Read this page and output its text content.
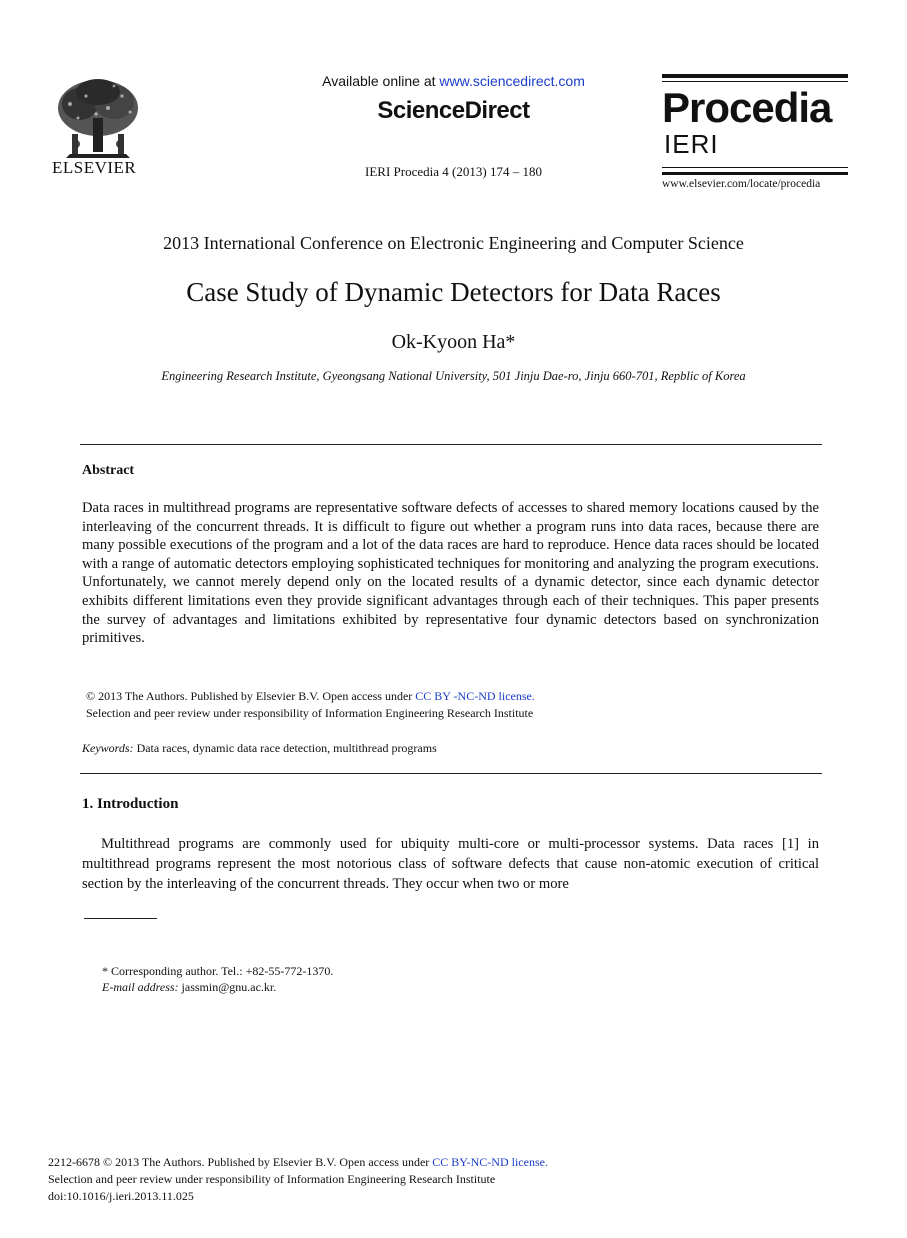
ELSEVIER
Available online at www.sciencedirect.com
ScienceDirect
IERI Procedia 4 (2013) 174 – 180
Procedia
IERI
www.elsevier.com/locate/procedia
2013 International Conference on Electronic Engineering and Computer Science
Case Study of Dynamic Detectors for Data Races
Ok-Kyoon Ha*
Engineering Research Institute, Gyeongsang National University, 501 Jinju Dae-ro, Jinju 660-701, Repblic of Korea
Abstract
Data races in multithread programs are representative software defects of accesses to shared memory locations caused by the interleaving of the concurrent threads. It is difficult to figure out whether a program runs into data races, because there are many possible executions of the program and a lot of the data races are hard to reproduce. Hence data races should be located with a range of automatic detectors employing sophisticated techniques for monitoring and analyzing the program executions. Unfortunately, we cannot merely depend only on the located results of a dynamic detector, since each dynamic detector exhibits different limitations even they provide significant advantages through each of their techniques. This paper presents the survey of advantages and limitations exhibited by representative four dynamic detectors based on synchronization primitives.
© 2013 The Authors. Published by Elsevier B.V. Open access under CC BY -NC-ND license.
Selection and peer review under responsibility of Information Engineering Research Institute
Keywords: Data races, dynamic data race detection, multithread programs
1. Introduction
Multithread programs are commonly used for ubiquity multi-core or multi-processor systems. Data races [1] in multithread programs represent the most notorious class of software defects that cause non-atomic execution of critical section by the interleaving of the concurrent threads. They occur when two or more
* Corresponding author. Tel.: +82-55-772-1370.
E-mail address: jassmin@gnu.ac.kr.
2212-6678 © 2013 The Authors. Published by Elsevier B.V. Open access under CC BY-NC-ND license.
Selection and peer review under responsibility of Information Engineering Research Institute
doi:10.1016/j.ieri.2013.11.025
